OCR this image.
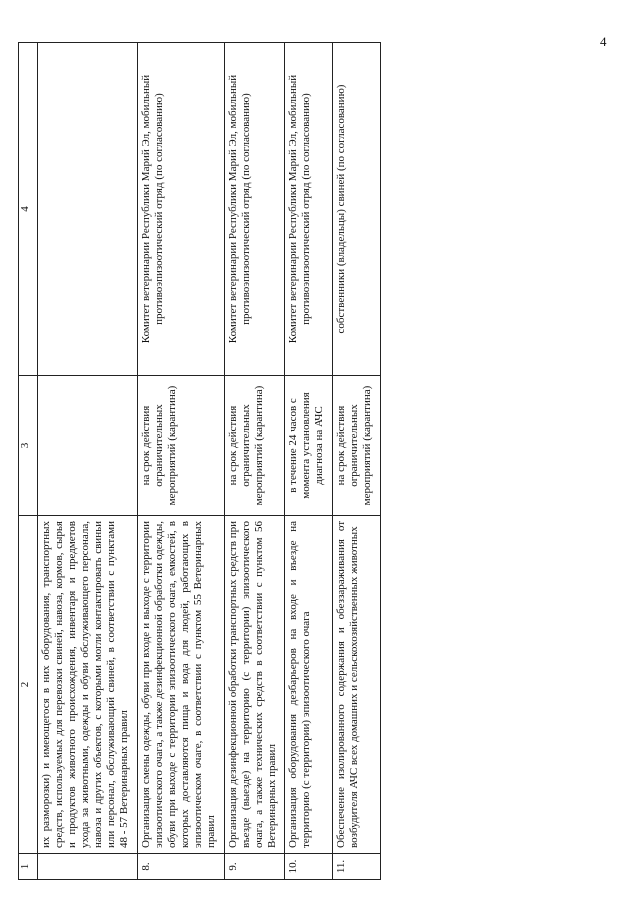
4
1	2	3	4
	их разморозки) и имеющегося в них оборудования, транспортных средств, используемых для перевозки свиней, навоза, кормов, сырья и продуктов животного происхождения, инвентаря и предметов ухода за животными, одежды и обуви обслуживающего персонала, навоза и других объектов, с которыми могли контактировать свиньи или персонал, обслуживающий свиней, в соответствии с пунктами 48 - 57 Ветеринарных правил		
8.	Организация смены одежды, обуви при входе и выходе с территории эпизоотического очага, а также дезинфекционной обработки одежды, обуви при выходе с территории эпизоотического очага, емкостей, в которых доставляются пища и вода для людей, работающих в эпизоотическом очаге, в соответствии с пунктом 55 Ветеринарных правил	на срок действия ограничительных мероприятий (карантина)	Комитет ветеринарии Республики Марий Эл, мобильный противоэпизоотический отряд (по согласованию)
9.	Организация дезинфекционной обработки транспортных средств при въезде (выезде) на территорию (с территории) эпизоотического очага, а также технических средств в соответствии с пунктом 56 Ветеринарных правил	на срок действия ограничительных мероприятий (карантина)	Комитет ветеринарии Республики Марий Эл, мобильный противоэпизоотический отряд (по согласованию)
10.	Организация оборудования дезбарьеров на входе и въезде на территорию (с территории) эпизоотического очага	в течение 24 часов с момента установления диагноза на АЧС	Комитет ветеринарии Республики Марий Эл, мобильный противоэпизоотический отряд (по согласованию)
11.	Обеспечение изолированного содержания и обеззараживания от возбудителя АЧС всех домашних и сельскохозяйственных животных	на срок действия ограничительных мероприятий (карантина)	собственники (владельцы) свиней (по согласованию)
